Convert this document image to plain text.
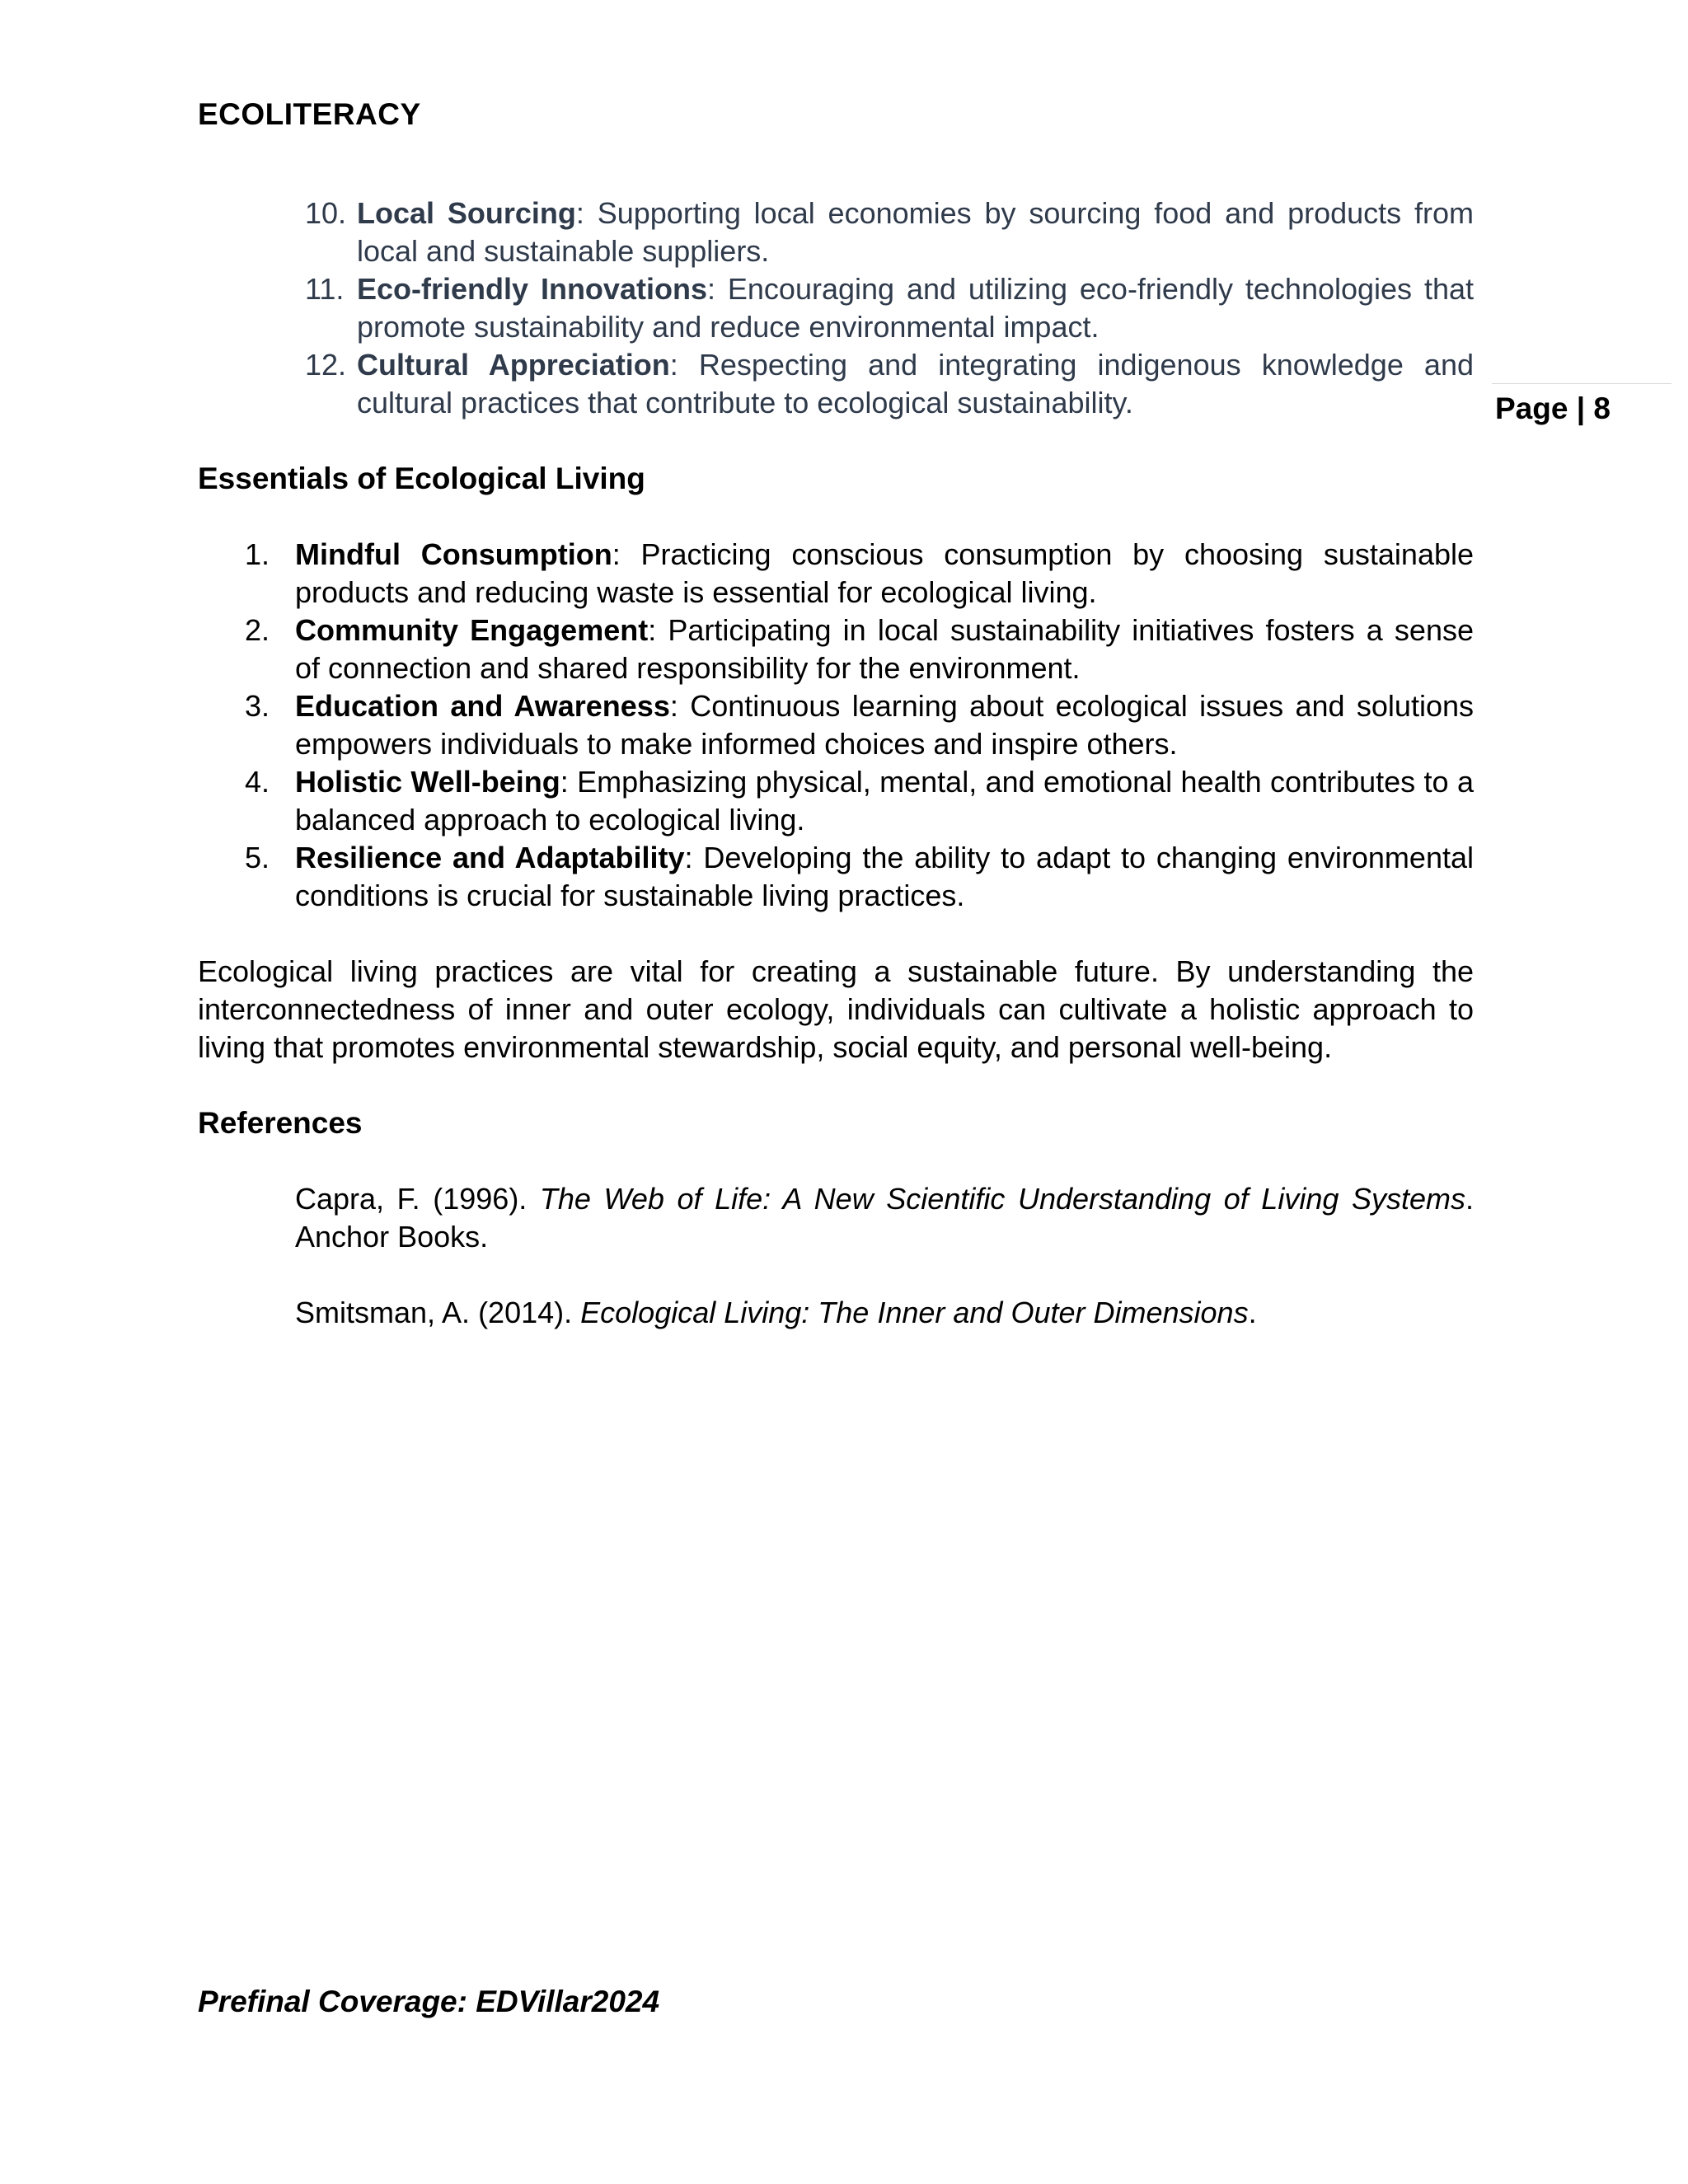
ECOLITERACY
Page | 8
10. Local Sourcing: Supporting local economies by sourcing food and products from local and sustainable suppliers.
11. Eco-friendly Innovations: Encouraging and utilizing eco-friendly technologies that promote sustainability and reduce environmental impact.
12. Cultural Appreciation: Respecting and integrating indigenous knowledge and cultural practices that contribute to ecological sustainability.
Essentials of Ecological Living
1. Mindful Consumption: Practicing conscious consumption by choosing sustainable products and reducing waste is essential for ecological living.
2. Community Engagement: Participating in local sustainability initiatives fosters a sense of connection and shared responsibility for the environment.
3. Education and Awareness: Continuous learning about ecological issues and solutions empowers individuals to make informed choices and inspire others.
4. Holistic Well-being: Emphasizing physical, mental, and emotional health contributes to a balanced approach to ecological living.
5. Resilience and Adaptability: Developing the ability to adapt to changing environmental conditions is crucial for sustainable living practices.

Ecological living practices are vital for creating a sustainable future. By understanding the interconnectedness of inner and outer ecology, individuals can cultivate a holistic approach to living that promotes environmental stewardship, social equity, and personal well-being.

References

Capra, F. (1996). The Web of Life: A New Scientific Understanding of Living Systems. Anchor Books.

Smitsman, A. (2014). Ecological Living: The Inner and Outer Dimensions.

Prefinal Coverage: EDVillar2024
